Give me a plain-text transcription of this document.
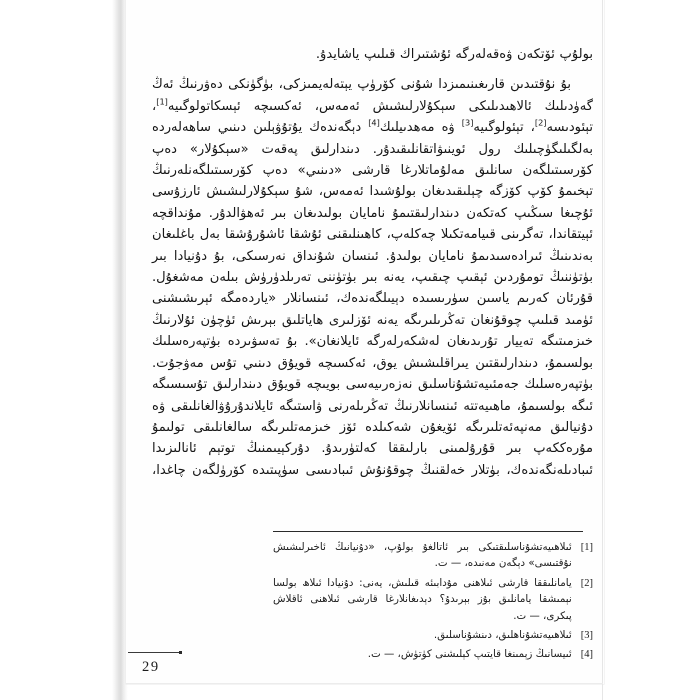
بولۇپ ئۆتكەن ۋەقەلەرگە ئۇشتىراك قىلىپ ياشايدۇ.

بۇ نۇقتىدىن قارىغىنىمىزدا شۇنى كۆرۈپ يېتەلەيمىزكى، بۈگۈنكى دەۋرنىڭ ئەڭ گەۈدىلىك ئالاھىدىلىكى سېكۇلارلىشىش ئەمەس، ئەكسىچە ئېسكاتولوگىيە[1]، تېئودىسە[2]، تېئولوگىيە[3] ۋە مەھدىيلىك[4] دېگەندەك يۇتۇۋېلىن دىنىي ساھەلەردە بەلگىلىگۈچىلىك رول ئوينىۋاتقانلىقىدۇر. دىندارلىق پەقەت «سېكۇلار» دەپ كۆرسىتىلگەن سانلىق مەلۇماتلارغا قارشى «دىنىي» دەپ كۆرسىتىلگەنلەرنىڭ تېخىمۇ كۆپ كۆزگە چېلىقىدىغان بولۇشىدا ئەمەس، شۇ سېكۇلارلىشىش ئارزۇسى ئۇچىغا سىڭىپ كەتكەن دىندارلىقتىمۇ نامايان بولىدىغان بىر ئەھۋالدۇر. مۇنداقچە ئېيتقاندا، تەگرىنى قىيامەتكىلا چەكلەپ، كاھىنلىقنى ئۇشقا ئاشۇرۇشقا بەل باغلىغان بەندىنىڭ ئىرادەسىدىمۇ نامايان بولىدۇ. ئىنسان شۇنداق نەرسىكى، بۇ دۇنيادا بىر بۈتۈننىڭ تومۇردىن ئېقىپ چىقىپ، يەنە بىر بۈتۈننى تەرىلدۈرۈش بىلەن مەشغۇل. قۇرئان كەرىم ياسىن سۈرىسىدە دېيىلگەندەك، ئىنسانلار «ياردەمگە ئېرىشىشنى ئۈمىد قىلىپ چوقۇنغان تەڭرىلىرىگە يەنە ئۆزلىرى ھاياتلىق بېرىش ئۈچۈن ئۇلارنىڭ خىزمىتىگە تەييار تۇرىدىغان لەشكەرلەرگە ئايلانغان». بۇ تەسۋىردە بۈتپەرەسلىك بولسىمۇ، دىندارلىقتىن يىراقلىشىش يوق، ئەكسىچە قويۇق دىنىي تۇس مەۋجۇت. بۈتپەرەسلىك جەمئىيەتشۇناسلىق نەزەرىيەسى بويىچە قويۇق دىندارلىق تۇسىسىگە ئىگە بولسىمۇ، ماھىيەتتە ئىنسانلارنىڭ تەڭرىلەرنى ۋاستىگە ئايلاندۇرۇۋالغانلىقى ۋە دۇنيالىق مەنپەئەتلىرىگە ئۆيغۇن شەكىلدە ئۆز خىزمەتلىرىگە سالغانلىقى تولىمۇ مۇرەككەپ بىر قۇرۇلمىنى بارلىققا كەلتۈرىدۇ. دۇركېيىمنىڭ توتېم ئانالىزىدا ئىبادىلەنگەندەك، بۈتلار خەلقنىڭ چوقۇنۇش ئىبادىسى سۈپىتىدە كۆرۈلگەن چاغدا،

[1]
ئىلاھىيەتشۇناسلىقتىكى بىر ئاتالغۇ بولۇپ، «دۇنيانىڭ ئاخىرلىشىش نۇقتىسى» دېگەن مەنىدە، — ت.
[2]
يامانلىققا قارشى ئىلاھنى مۇدابىئە قىلىش، يەنى: دۇنيادا ئىلاھ بولسا نېمىشقا يامانلىق بۇز بېرىدۇ؟ دېدىغانلارغا قارشى ئىلاھنى ئاقلاش پىكرى، — ت.
[3]
ئىلاھىيەتشۇناھلىق، دىنشۇناسلىق.
[4]
ئىيسانىڭ زېمىنغا قايتىپ كېلىشنى كۈتۈش، — ت.
29
